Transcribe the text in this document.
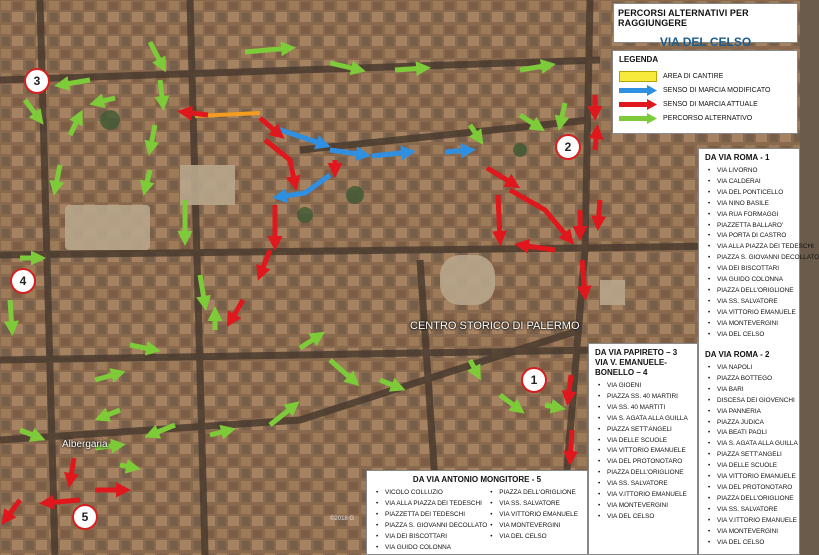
1
2
3
4
5
CENTRO STORICO DI PALERMO
Albergaria
©2018 G
PERCORSI ALTERNATIVI PER RAGGIUNGERE
VIA DEL CELSO
LEGENDA
AREA DI CANTIRE
SENSO DI MARCIA MODIFICATO
SENSO DI MARCIA ATTUALE
PERCORSO ALTERNATIVO
DA VIA ROMA - 1
• VIA LIVORNO
• VIA CALDERAI
• VIA DEL PONTICELLO
• VIA NINO BASILE
• VIA RUA FORMAGGI
• PIAZZETTA BALLARO'
• VIA PORTA DI CASTRO
• VIA ALLA PIAZZA DEI TEDESCHI
• PIAZZA S. GIOVANNI DECOLLATO
• VIA DEI BISCOTTARI
• VIA GUIDO COLONNA
• PIAZZA DELL'ORIGLIONE
• VIA SS. SALVATORE
• VIA VITTORIO EMANUELE
• VIA MONTEVERGINI
• VIA DEL CELSO
DA VIA ROMA - 2
• VIA NAPOLI
• PIAZZA BOTTEGO
• VIA BARI
• DISCESA DEI GIOVENCHI
• VIA PANNERIA
• PIAZZA JUDICA
• VIA BEATI PAOLI
• VIA S. AGATA ALLA GUILLA
• PIAZZA SETT'ANGELI
• VIA DELLE SCUOLE
• VIA VITTORIO EMANUELE
• VIA DEL PROTONOTARO
• PIAZZA DELL'ORIGLIONE
• VIA SS. SALVATORE
• VIA V.ITTORIO EMANUELE
• VIA MONTEVERGINI
• VIA DEL CELSO
DA VIA PAPIRETO – 3 VIA V. EMANUELE-BONELLO – 4
• VIA GIOENI
• PIAZZA SS. 40 MARTIRI
• VIA SS. 40 MARTITI
• VIA S. AGATA ALLA GUILLA
• PIAZZA SETT'ANGELI
• VIA DELLE SCUOLE
• VIA VITTORIO EMANUELE
• VIA DEL PROTONOTARO
• PIAZZA DELL'ORIGLIONE
• VIA SS. SALVATORE
• VIA V.ITTORIO EMANUELE
• VIA MONTEVERGINI
• VIA DEL CELSO
DA VIA ANTONIO MONGITORE - 5
• VICOLO COLLUZIO
• VIA ALLA PIAZZA DEI TEDESCHI
• PIAZZETTA DEI TEDESCHI
• PIAZZA S. GIOVANNI DECOLLATO
• VIA DEI BISCOTTARI
• VIA GUIDO COLONNA
• PIAZZA DELL'ORIGLIONE
• VIA SS. SALVATORE
• VIA VITTORIO EMANUELE
• VIA MONTEVERGINI
• VIA DEL CELSO
